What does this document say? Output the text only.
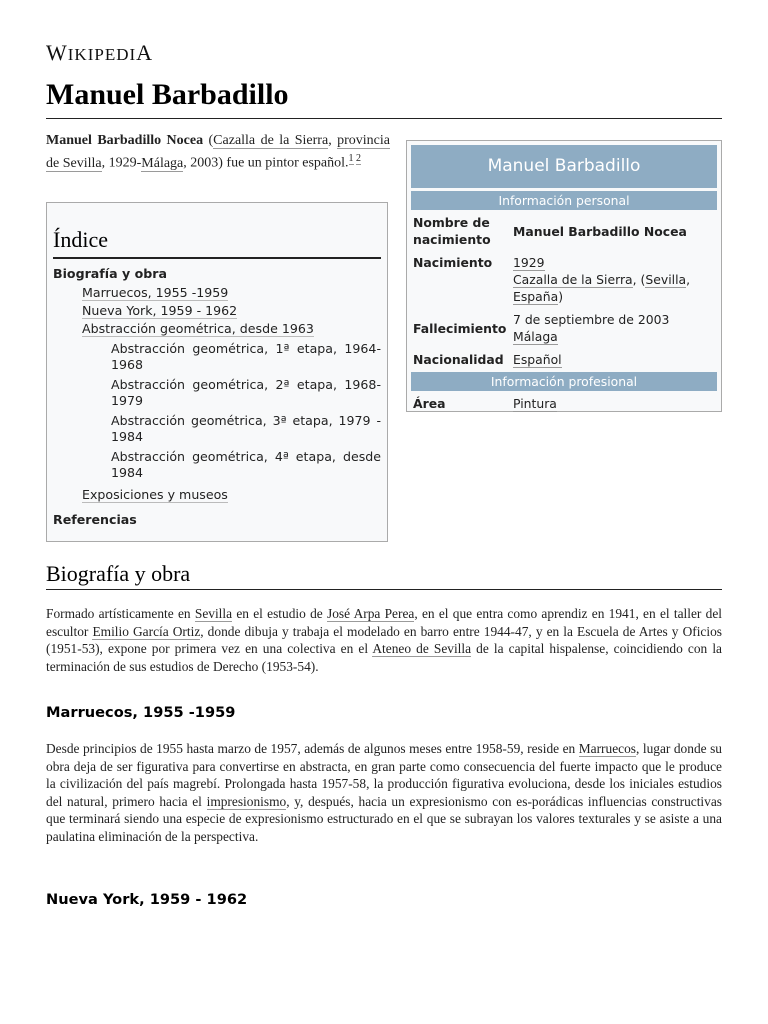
WIKIPEDIA
Manuel Barbadillo
Manuel Barbadillo Nocea (Cazalla de la Sierra, provincia de Sevilla, 1929-Málaga, 2003) fue un pintor español.$^{1 2}$
Índice
Biografía y obra
Marruecos, 1955 -1959
Nueva York, 1959 - 1962
Abstracción geométrica, desde 1963
Abstracción geométrica, 1ª etapa, 1964-1968
Abstracción geométrica, 2ª etapa, 1968-1979
Abstracción geométrica, 3ª etapa, 1979 - 1984
Abstracción geométrica, 4ª etapa, desde 1984
Exposiciones y museos
Referencias
Manuel Barbadillo
Información personal
Nombre de nacimiento
Manuel Barbadillo Nocea
Nacimiento	1929
Cazalla de la Sierra, (Sevilla, España)
Fallecimiento
7 de septiembre de 2003
Málaga
Nacionalidad Español
Información profesional
Área	Pintura
Biografía y obra

Formado artísticamente en Sevilla en el estudio de José Arpa Perea, en el que entra como aprendiz en 1941, en el taller del escultor Emilio García Ortiz, donde dibuja y trabaja el modelado en barro entre 1944-47, y en la Escuela de Artes y Oficios (1951-53), expone por primera vez en una colectiva en el Ateneo de Sevilla de la capital hispalense, coincidiendo con la terminación de sus estudios de Derecho (1953-54).

Marruecos, 1955 -1959

Desde principios de 1955 hasta marzo de 1957, además de algunos meses entre 1958-59, reside en Marruecos, lugar donde su obra deja de ser figurativa para convertirse en abstracta, en gran parte como consecuencia del fuerte impacto que le produce la civilización del país magrebí. Prolongada hasta 1957-58, la producción figurativa evoluciona, desde los iniciales estudios del natural, primero hacia el impresionismo, y, después, hacia un expresionismo con es-porádicas influencias constructivas que terminará siendo una especie de expresionismo estructurado en el que se subrayan los valores texturales y se asiste a una paulatina eliminación de la perspectiva.

Nueva York, 1959 - 1962
